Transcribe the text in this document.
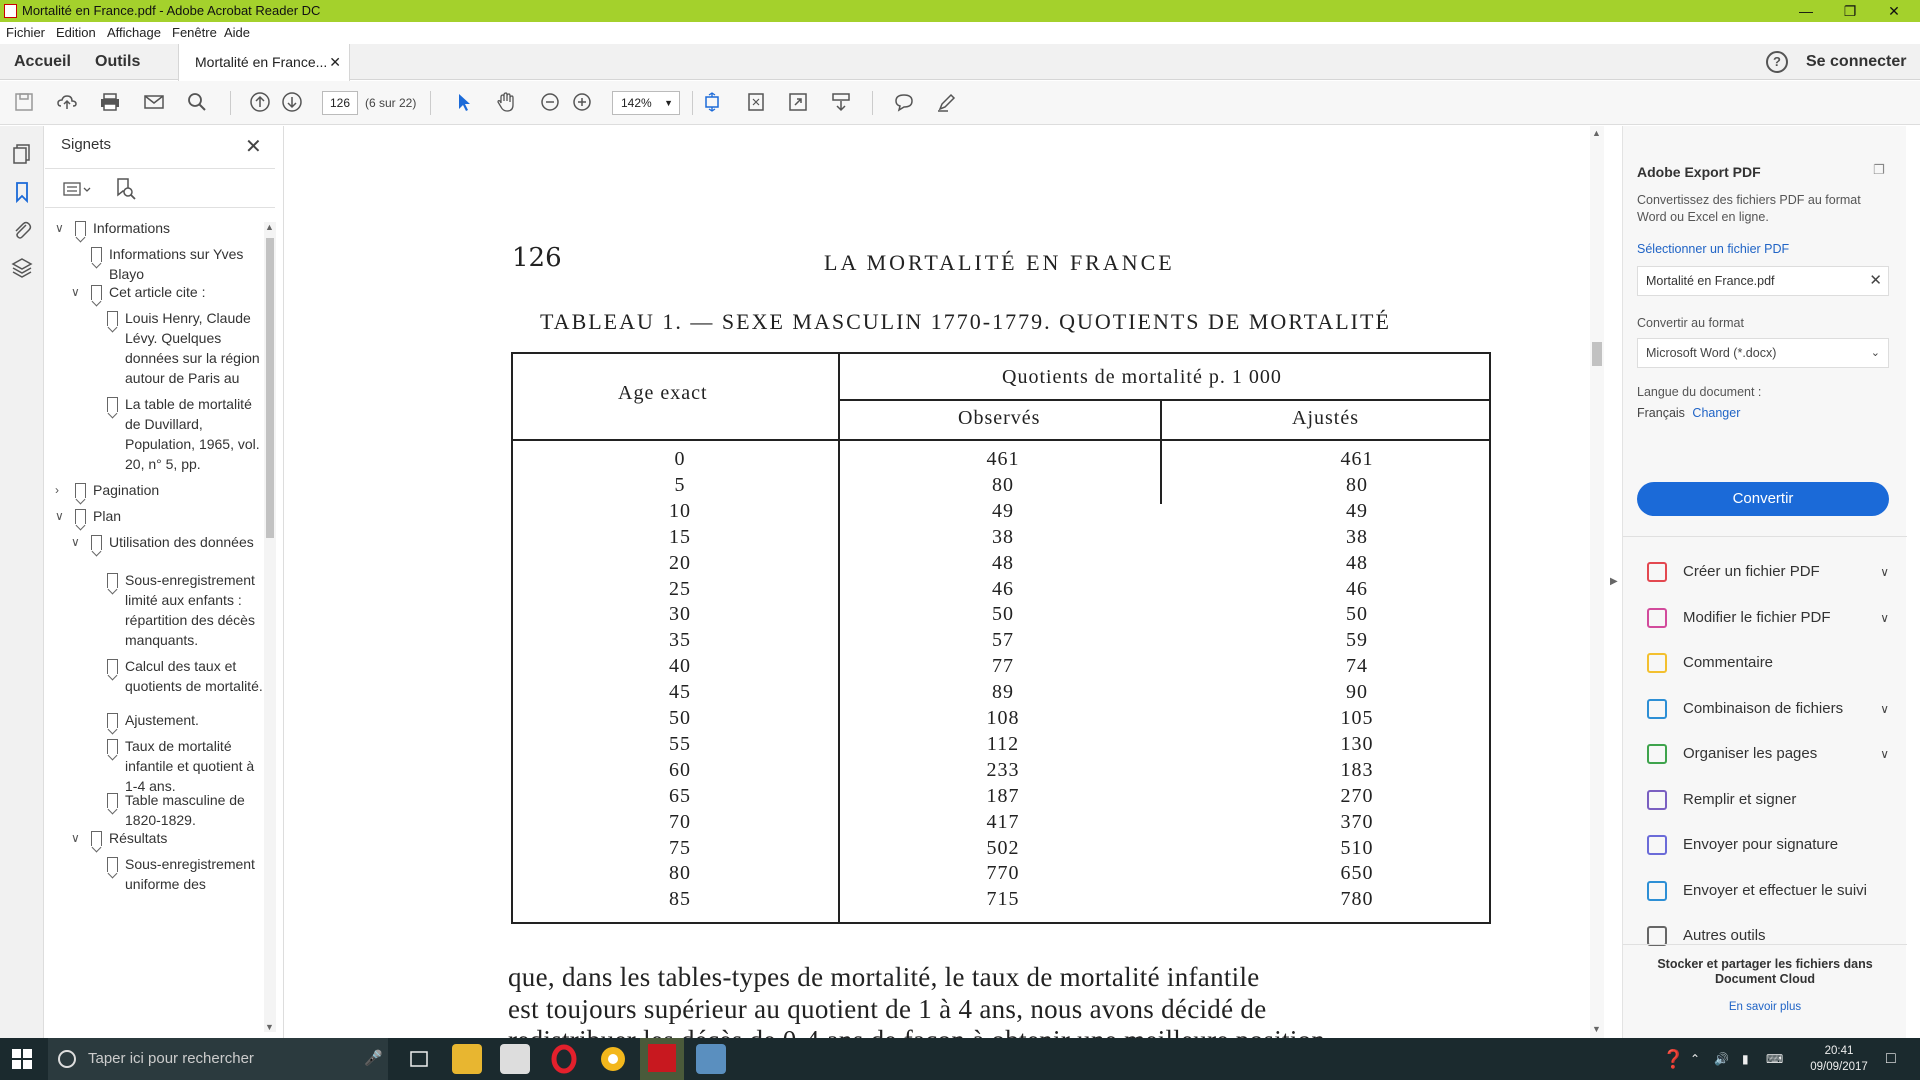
Mortalité en France.pdf - Adobe Acrobat Reader DC	—	❐	✕
Fichier Edition Affichage Fenêtre Aide
Accueil Outils	Mortalité en France... ✕	?	Se connecter
126	(6 sur 22)	142% ▼
Signets	✕
∨ Informations
Informations sur Yves Blayo
∨ Cet article cite :
Louis Henry, Claude Lévy. Quelques données sur la région autour de Paris au
La table de mortalité de Duvillard, Population, 1965, vol. 20, n° 5, pp.
›	Pagination
∨ Plan
∨ Utilisation des données
Sous-enregistrement limité aux enfants : répartition des décès manquants.
Calcul des taux et quotients de mortalité.
Ajustement.
Taux de mortalité infantile et quotient à 1-4 ans.
Table masculine de 1820-1829.
∨ Résultats
Sous-enregistrement uniforme des
▲
▼
126	LA MORTALITÉ EN FRANCE
TABLEAU 1. — SEXE MASCULIN 1770-1779. QUOTIENTS DE MORTALITÉ
Age exact
Quotients de mortalité p. 1 000
Observés	Ajustés
0	461	461
5	80	80
10	49	49
15	38	38
20	48	48
25	46	46
30	50	50
35	57	59
40	77	74
45	89	90
50	108	105
55	112	130
60	233	183
65	187	270
70	417	370
75	502	510
80	770	650
85	715	780
que, dans les tables-types de mortalité, le taux de mortalité infantile
est toujours supérieur au quotient de 1 à 4 ans, nous avons décidé de
▲
▼
▶
Adobe Export PDF	❐
Convertissez des fichiers PDF au format Word ou Excel en ligne.
Sélectionner un fichier PDF
Mortalité en France.pdf	✕
Convertir au format
Microsoft Word (*.docx)	⌄
Langue du document :
Français Changer
Convertir
Créer un fichier PDF	∨
Modifier le fichier PDF	∨
Commentaire
Combinaison de fichiers	∨
Organiser les pages	∨
Remplir et signer
Envoyer pour signature
Envoyer et effectuer le suivi
Autres outils
Stocker et partager les fichiers dans Document Cloud
En savoir plus
Taper ici pour rechercher	🎤	❓ ⌃ 🔊 ▮ ⌨
20:41
09/09/2017	□
